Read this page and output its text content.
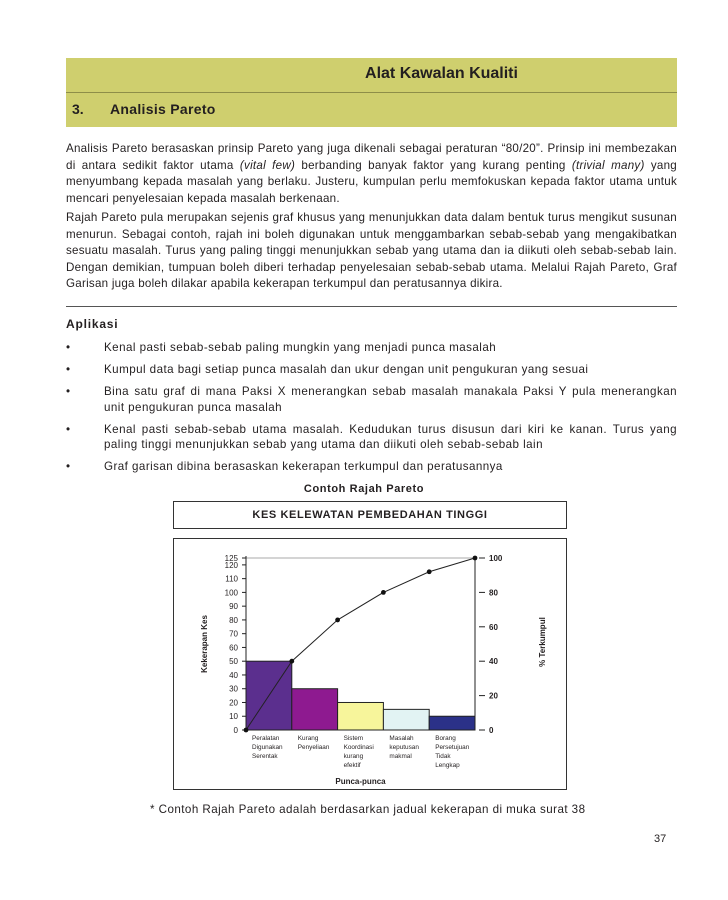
Alat Kawalan Kualiti
3. Analisis Pareto

Analisis Pareto berasaskan prinsip Pareto yang juga dikenali sebagai peraturan “80/20”. Prinsip ini membezakan di antara sedikit faktor utama (vital few) berbanding banyak faktor yang kurang penting (trivial many) yang menyumbang kepada masalah yang berlaku. Justeru, kumpulan perlu memfokuskan kepada faktor utama untuk mencari penyelesaian kepada masalah berkenaan.

Rajah Pareto pula merupakan sejenis graf khusus yang menunjukkan data dalam bentuk turus mengikut susunan menurun. Sebagai contoh, rajah ini boleh digunakan untuk menggambarkan sebab-sebab yang mengakibatkan sesuatu masalah. Turus yang paling tinggi menunjukkan sebab yang utama dan ia diikuti oleh sebab-sebab lain. Dengan demikian, tumpuan boleh diberi terhadap penyelesaian sebab-sebab utama. Melalui Rajah Pareto, Graf Garisan juga boleh dilakar apabila kekerapan terkumpul dan peratusannya dikira.

Aplikasi
•	Kenal pasti sebab-sebab paling mungkin yang menjadi punca masalah
•	Kumpul data bagi setiap punca masalah dan ukur dengan unit pengukuran yang sesuai
•	Bina satu graf di mana Paksi X menerangkan sebab masalah manakala Paksi Y pula menerangkan unit pengukuran punca masalah
•	Kenal pasti sebab-sebab utama masalah. Kedudukan turus disusun dari kiri ke kanan. Turus yang paling tinggi menunjukkan sebab yang utama dan diikuti oleh sebab-sebab lain
•	Graf garisan dibina berasaskan kekerapan terkumpul dan peratusannya
Contoh Rajah Pareto
KES KELEWATAN PEMBEDAHAN TINGGI
0
10
20
30
40
50
60
70
80
90
100
110
120
125
0
20
40
60
80
100
Peralatan
Digunakan
Serentak
Kurang
Penyeliaan
Sistem
Koordinasi
kurang
efektif
Masalah
keputusan
makmal
Borang
Persetujuan
Tidak
Lengkap
Kekerapan Kes	% Terkumpul
Punca-punca
* Contoh Rajah Pareto adalah berdasarkan jadual kekerapan di muka surat 38
37
